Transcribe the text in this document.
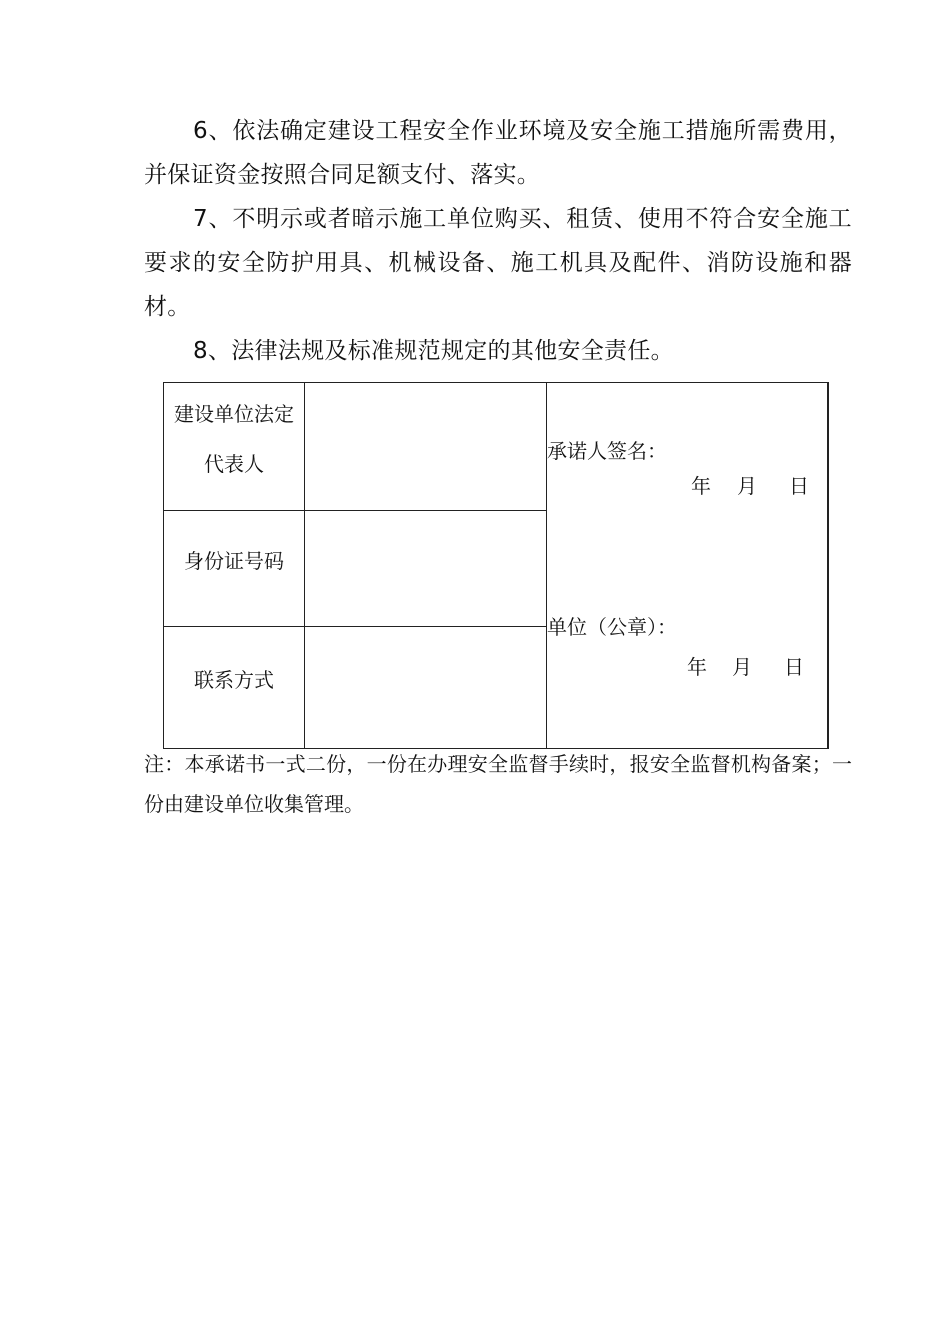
6、依法确定建设工程安全作业环境及安全施工措施所需费用，并保证资金按照合同足额支付、落实。

7、不明示或者暗示施工单位购买、租赁、使用不符合安全施工要求的安全防护用具、机械设备、施工机具及配件、消防设施和器材。

8、法律法规及标准规范规定的其他安全责任。

建设单位法定
代表人
身份证号码
联系方式
承诺人签名：
年 月 日
单位（公章）：
年 月 日

注：本承诺书一式二份，一份在办理安全监督手续时，报安全监督机构备案；一份由建设单位收集管理。
